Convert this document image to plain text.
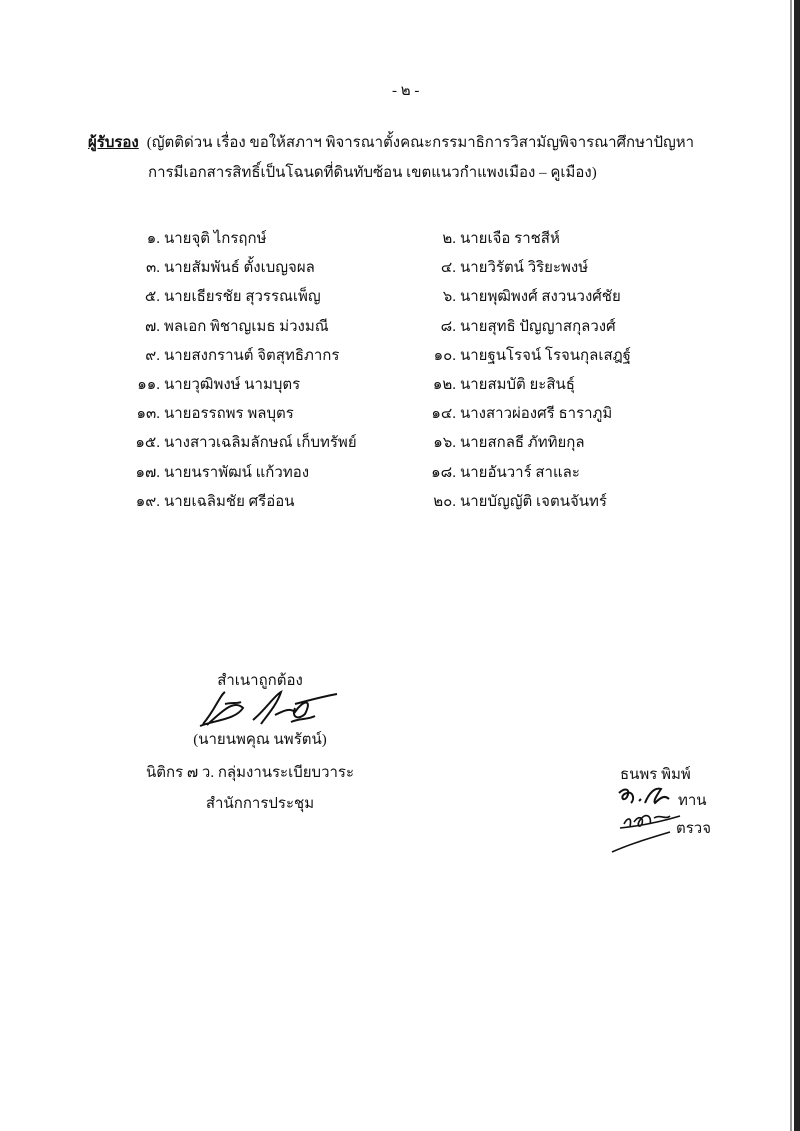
- ๒ -
ผู้รับรอง (ญัตติด่วน เรื่อง ขอให้สภาฯ พิจารณาตั้งคณะกรรมาธิการวิสามัญพิจารณาศึกษาปัญหา
การมีเอกสารสิทธิ์เป็นโฉนดที่ดินทับซ้อน เขตแนวกำแพงเมือง – คูเมือง)
๑. นายจุติ ไกรฤกษ์	๒. นายเจือ ราชสีห์
๓. นายสัมพันธ์ ตั้งเบญจผล	๔. นายวิรัตน์ วิริยะพงษ์
๕. นายเธียรชัย สุวรรณเพ็ญ	๖. นายพุฒิพงศ์ สงวนวงศ์ชัย
๗. พลเอก พิชาญเมธ ม่วงมณี	๘. นายสุทธิ ปัญญาสกุลวงศ์
๙. นายสงกรานต์ จิตสุทธิภากร	๑๐. นายฐนโรจน์ โรจนกุลเสฎฐ์
๑๑. นายวุฒิพงษ์ นามบุตร	๑๒. นายสมบัติ ยะสินธุ์
๑๓. นายอรรถพร พลบุตร	๑๔. นางสาวผ่องศรี ธาราภูมิ
๑๕. นางสาวเฉลิมลักษณ์ เก็บทรัพย์	๑๖. นายสกลธี ภัททิยกุล
๑๗. นายนราพัฒน์ แก้วทอง	๑๘. นายอันวาร์ สาและ
๑๙. นายเฉลิมชัย ศรีอ่อน	๒๐. นายบัญญัติ เจตนจันทร์
สำเนาถูกต้อง
(นายนพคุณ นพรัตน์)
นิติกร ๗ ว. กลุ่มงานระเบียบวาระ
สำนักการประชุม
ธนพร พิมพ์
ทาน
ตรวจ
